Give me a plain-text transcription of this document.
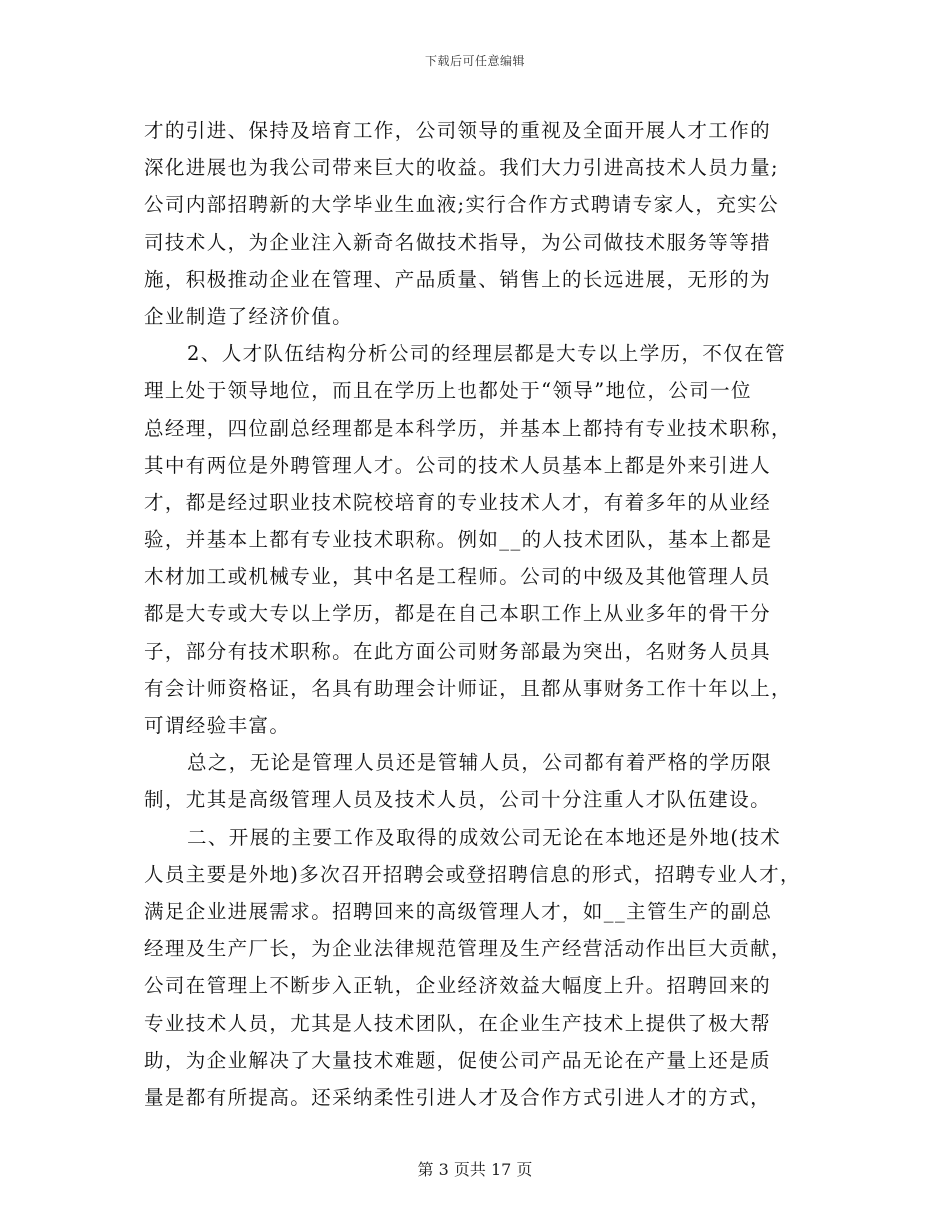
下载后可任意编辑
才的引进、保持及培育工作，公司领导的重视及全面开展人才工作的
深化进展也为我公司带来巨大的收益。我们大力引进高技术人员力量;
公司内部招聘新的大学毕业生血液;实行合作方式聘请专家人，充实公
司技术人，为企业注入新奇名做技术指导，为公司做技术服务等等措
施，积极推动企业在管理、产品质量、销售上的长远进展，无形的为
企业制造了经济价值。
2、人才队伍结构分析公司的经理层都是大专以上学历，不仅在管
理上处于领导地位，而且在学历上也都处于“领导”地位，公司一位
总经理，四位副总经理都是本科学历，并基本上都持有专业技术职称，
其中有两位是外聘管理人才。公司的技术人员基本上都是外来引进人
才，都是经过职业技术院校培育的专业技术人才，有着多年的从业经
验，并基本上都有专业技术职称。例如__的人技术团队，基本上都是
木材加工或机械专业，其中名是工程师。公司的中级及其他管理人员
都是大专或大专以上学历，都是在自己本职工作上从业多年的骨干分
子，部分有技术职称。在此方面公司财务部最为突出，名财务人员具
有会计师资格证，名具有助理会计师证，且都从事财务工作十年以上，
可谓经验丰富。
总之，无论是管理人员还是管辅人员，公司都有着严格的学历限
制，尤其是高级管理人员及技术人员，公司十分注重人才队伍建设。
二、开展的主要工作及取得的成效公司无论在本地还是外地(技术
人员主要是外地)多次召开招聘会或登招聘信息的形式，招聘专业人才，
满足企业进展需求。招聘回来的高级管理人才，如__主管生产的副总
经理及生产厂长，为企业法律规范管理及生产经营活动作出巨大贡献，
公司在管理上不断步入正轨，企业经济效益大幅度上升。招聘回来的
专业技术人员，尤其是人技术团队，在企业生产技术上提供了极大帮
助，为企业解决了大量技术难题，促使公司产品无论在产量上还是质
量是都有所提高。还采纳柔性引进人才及合作方式引进人才的方式，
第 3 页共 17 页
